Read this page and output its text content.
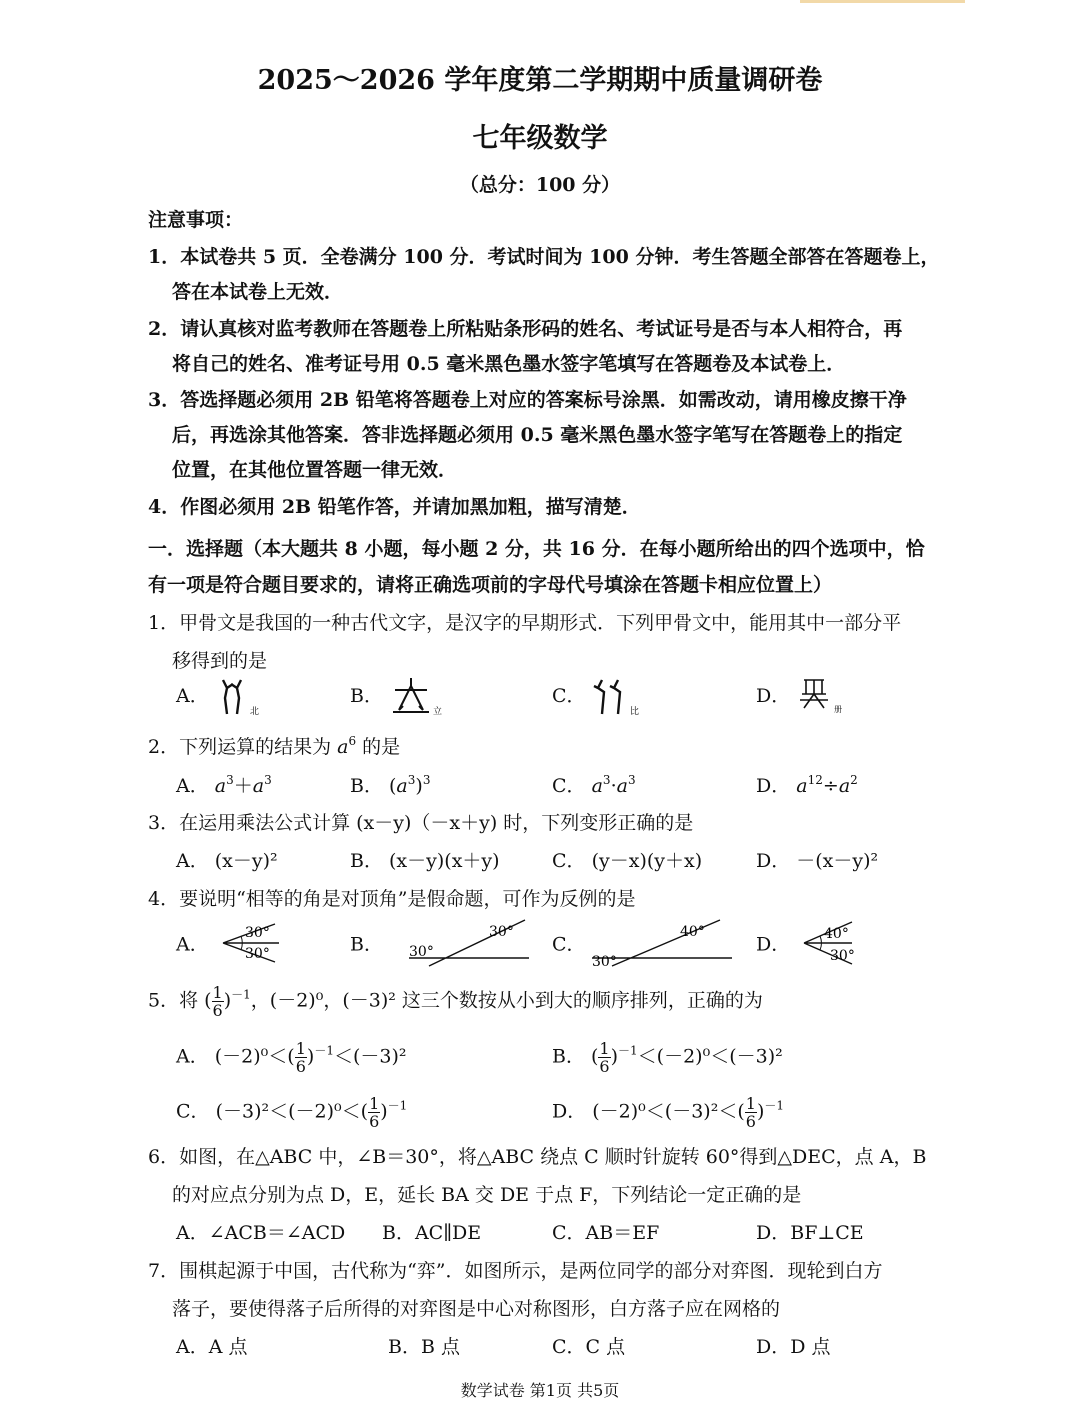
2025～2026 学年度第二学期期中质量调研卷
七年级数学
（总分：100 分）
注意事项：
1．本试卷共 5 页．全卷满分 100 分．考试时间为 100 分钟．考生答题全部答在答题卷上，
答在本试卷上无效．
2．请认真核对监考教师在答题卷上所粘贴条形码的姓名、考试证号是否与本人相符合，再
将自己的姓名、准考证号用 0.5 毫米黑色墨水签字笔填写在答题卷及本试卷上．
3．答选择题必须用 2B 铅笔将答题卷上对应的答案标号涂黑．如需改动，请用橡皮擦干净
后，再选涂其他答案．答非选择题必须用 0.5 毫米黑色墨水签字笔写在答题卷上的指定
位置，在其他位置答题一律无效．
4．作图必须用 2B 铅笔作答，并请加黑加粗，描写清楚．
一．选择题（本大题共 8 小题，每小题 2 分，共 16 分．在每小题所给出的四个选项中，恰
有一项是符合题目要求的，请将正确选项前的字母代号填涂在答题卡相应位置上）
1．甲骨文是我国的一种古代文字，是汉字的早期形式．下列甲骨文中，能用其中一部分平
移得到的是
A．
北
B．
立
C．
比
D．
册
2．下列运算的结果为 $a^6$ 的是
A． $a^3+a^3$	B． $(a^3)^3$	C． $a^3\cdot a^3$	D． $a^{12}\div a^2$
3．在运用乘法公式计算 (x－y)（－x＋y) 时，下列变形正确的是
A． (x－y)²	B． (x－y)(x＋y)	C． (y－x)(y＋x)	D． －(x－y)²
4．要说明“相等的角是对顶角”是假命题，可作为反例的是
A．
30°
30°	B．
30°
30°	C．
30°
40°
D． 40°
30°
5．将 ( $\frac{1}{6} )^{-1}$，(－2)⁰，(－3)² 这三个数按从小到大的顺序排列，正确的为
A． $(-2)^0<( \frac{1}{6} )^{-1}<(-3)^2$	B． ( $\frac{1}{6} )^{-1}<(-2)^0<(-3)^2$
C． $(-3)^2<(-2)^0<( \frac{1}{6} )^{-1}$	D． $(-2)^0<(-3)^2<( \frac{1}{6} )^{-1}$
6．如图，在△ABC 中，∠B＝30°，将△ABC 绕点 C 顺时针旋转 60°得到△DEC，点 A，B
的对应点分别为点 D，E，延长 BA 交 DE 于点 F，下列结论一定正确的是
A．∠ACB＝∠ACD B．AC∥DE	C．AB＝EF	D．BF⊥CE
7．围棋起源于中国，古代称为“弈”．如图所示，是两位同学的部分对弈图．现轮到白方
落子，要使得落子后所得的对弈图是中心对称图形，白方落子应在网格的
A．A 点	B．B 点	C．C 点	D．D 点
数学试卷 第1页 共5页
